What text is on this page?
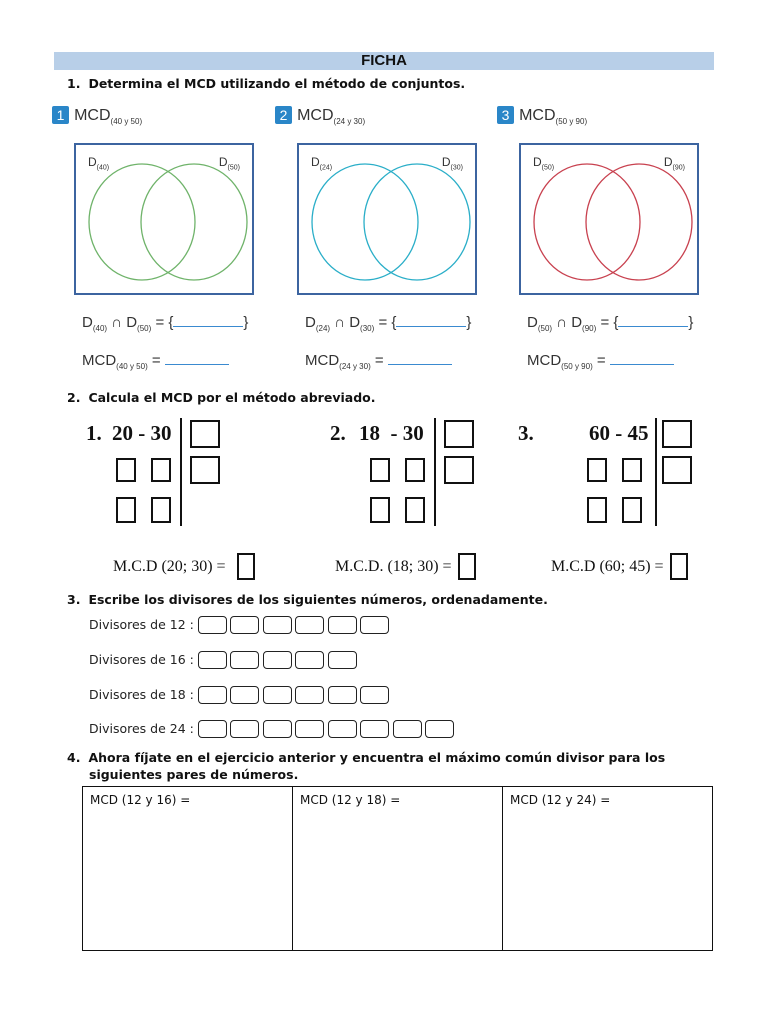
FICHA
1. Determina el MCD utilizando el método de conjuntos.
1 $MCD_{(40 y 50)}$
$D_{(40)}$	$D_{(50)}$
$D_{(40)}$ ∩ $D_{(50)}$ = {	}
$MCD_{(40 y 50)}$ =
2 $MCD_{(24 y 30)}$
$D_{(24)}$	$D_{(30)}$
$D_{(24)}$ ∩ $D_{(30)}$ = {	}
$MCD_{(24 y 30)}$ =
3 $MCD_{(50 y 90)}$
$D_{(50)}$	$D_{(90)}$
$D_{(50)}$ ∩ $D_{(90)}$ = {	}
$MCD_{(50 y 90)}$ =
2. Calcula el MCD por el método abreviado.
1. 20 - 30
M.C.D (20; 30) =
2. 18 - 30
M.C.D. (18; 30) =
3.	60 - 45
M.C.D (60; 45) =
3. Escribe los divisores de los siguientes números, ordenadamente.
Divisores de 12 :
Divisores de 16 :
Divisores de 18 :
Divisores de 24 :
4. Ahora fíjate en el ejercicio anterior y encuentra el máximo común divisor para los
siguientes pares de números.
MCD (12 y 16) =	MCD (12 y 18) =	MCD (12 y 24) =
